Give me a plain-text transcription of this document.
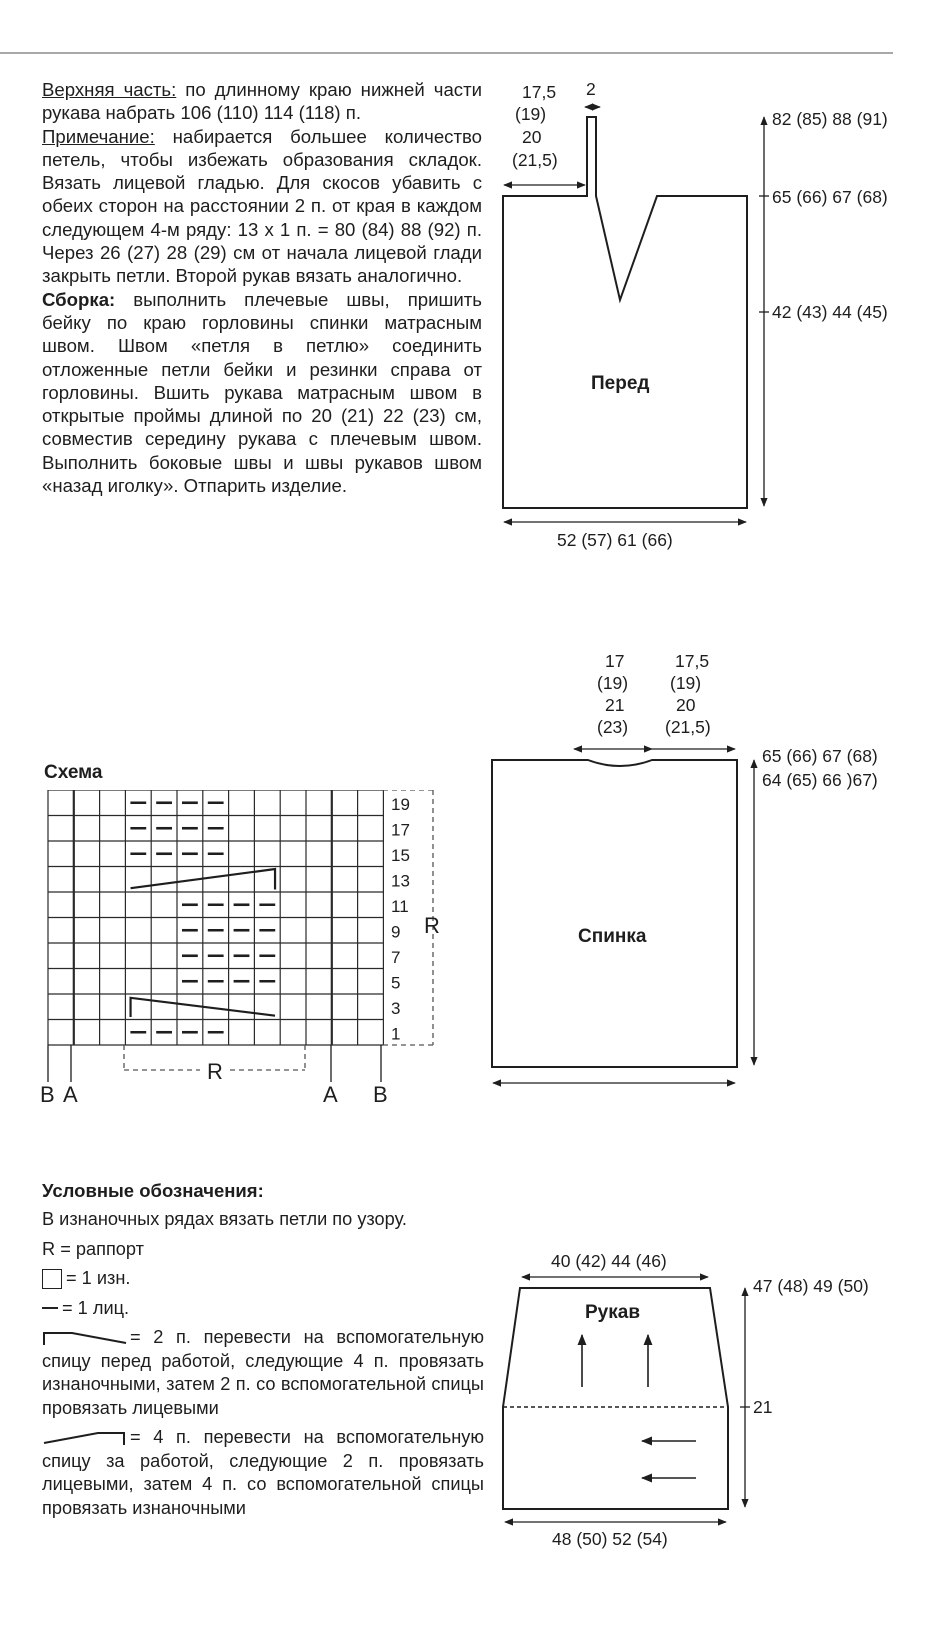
Верхняя часть: по длинному краю нижней части рукава набрать 106 (110) 114 (118) п.

Примечание: набирается большее количество петель, чтобы избежать образования складок. Вязать лицевой гладью. Для скосов убавить с обеих сторон на расстоянии 2 п. от края в каждом следующем 4-м ряду: 13 х 1 п. = 80 (84) 88 (92) п. Через 26 (27) 28 (29) см от начала лицевой глади закрыть петли. Второй рукав вязать аналогично.

Сборка: выполнить плечевые швы, пришить бейку по краю горловины спинки матрасным швом. Швом «петля в петлю» соединить отложенные петли бейки и резинки справа от горловины. Вшить рукава матрасным швом в открытые проймы длиной по 20 (21) 22 (23) см, совместив середину рукава с плечевым швом. Выполнить боковые швы и швы рукавов швом «назад иголку». Отпарить изделие.

Схема
19
17
15
13
11
9
7
5
3
1
R
R
B A	A B
Условные обозначения:

В изнаночных рядах вязать петли по узору.

R = раппорт
= 1 изн.
= 1 лиц.

= 2 п. перевести на вспомогательную спицу перед работой, следующие 4 п. провязать изнаночными, затем 2 п. со вспомогательной спицы провязать лицевыми

= 4 п. перевести на вспомогательную спицу за работой, следующие 2 п. провязать лицевыми, затем 4 п. со вспомогательной спицы провязать изнаночными

17,5
(19)
20
(21,5)
2
82 (85) 88 (91)
65 (66) 67 (68)
42 (43) 44 (45)
52 (57) 61 (66)
Перед
17
(19)
21
(23)
17,5
(19)
20
(21,5)
65 (66) 67 (68)
64 (65) 66 )67)
Спинка
40 (42) 44 (46)
47 (48) 49 (50)
21
48 (50) 52 (54)
Рукав
